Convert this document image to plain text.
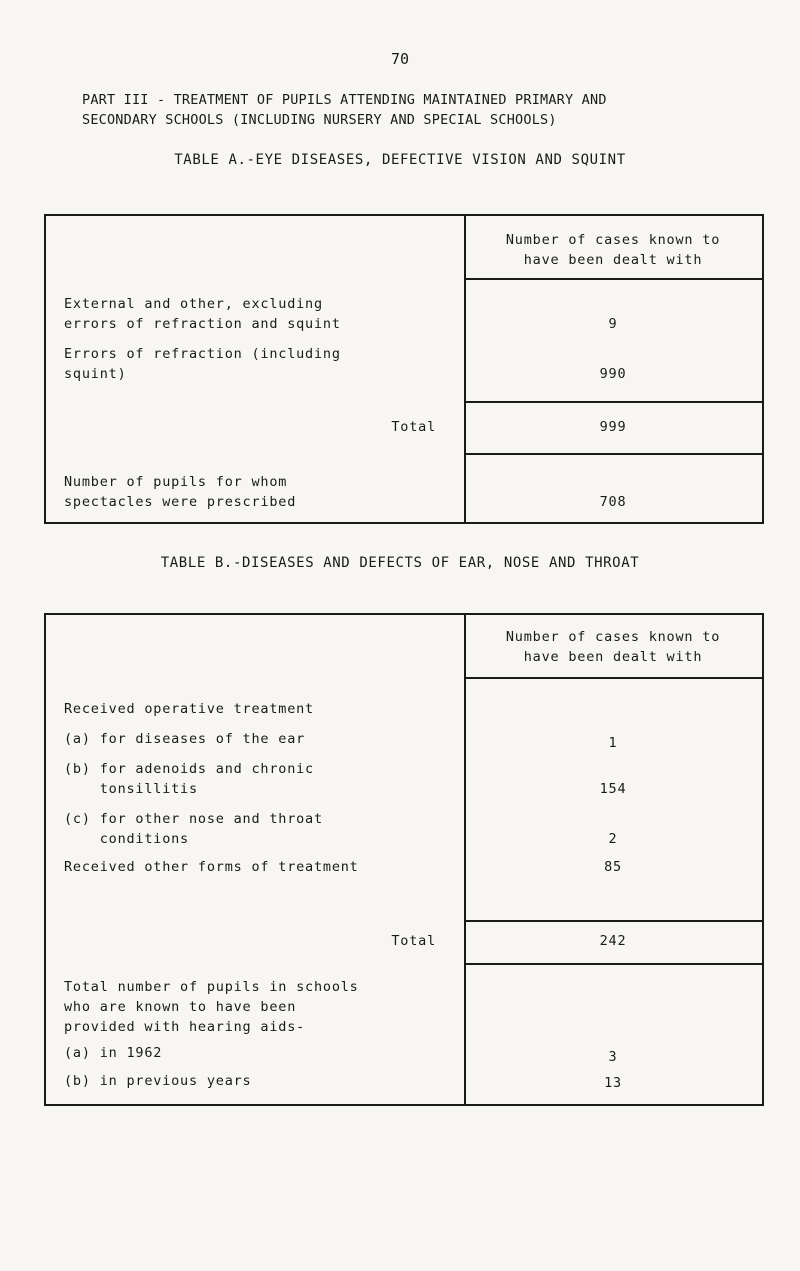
70
PART III - TREATMENT OF PUPILS ATTENDING MAINTAINED PRIMARY AND
SECONDARY SCHOOLS (INCLUDING NURSERY AND SPECIAL SCHOOLS)
TABLE A.-EYE DISEASES, DEFECTIVE VISION AND SQUINT
Number of cases known to
have been dealt with
External and other, excluding
errors of refraction and squint	9
Errors of refraction (including
squint)	990
Total	999
Number of pupils for whom
spectacles were prescribed	708
TABLE B.-DISEASES AND DEFECTS OF EAR, NOSE AND THROAT
Number of cases known to
have been dealt with
Received operative treatment
(a) for diseases of the ear	1
(b) for adenoids and chronic
tonsillitis	154
(c) for other nose and throat
conditions	2
Received other forms of treatment	85
Total	242
Total number of pupils in schools
who are known to have been
provided with hearing aids-
(a) in 1962	3
(b) in previous years	13
